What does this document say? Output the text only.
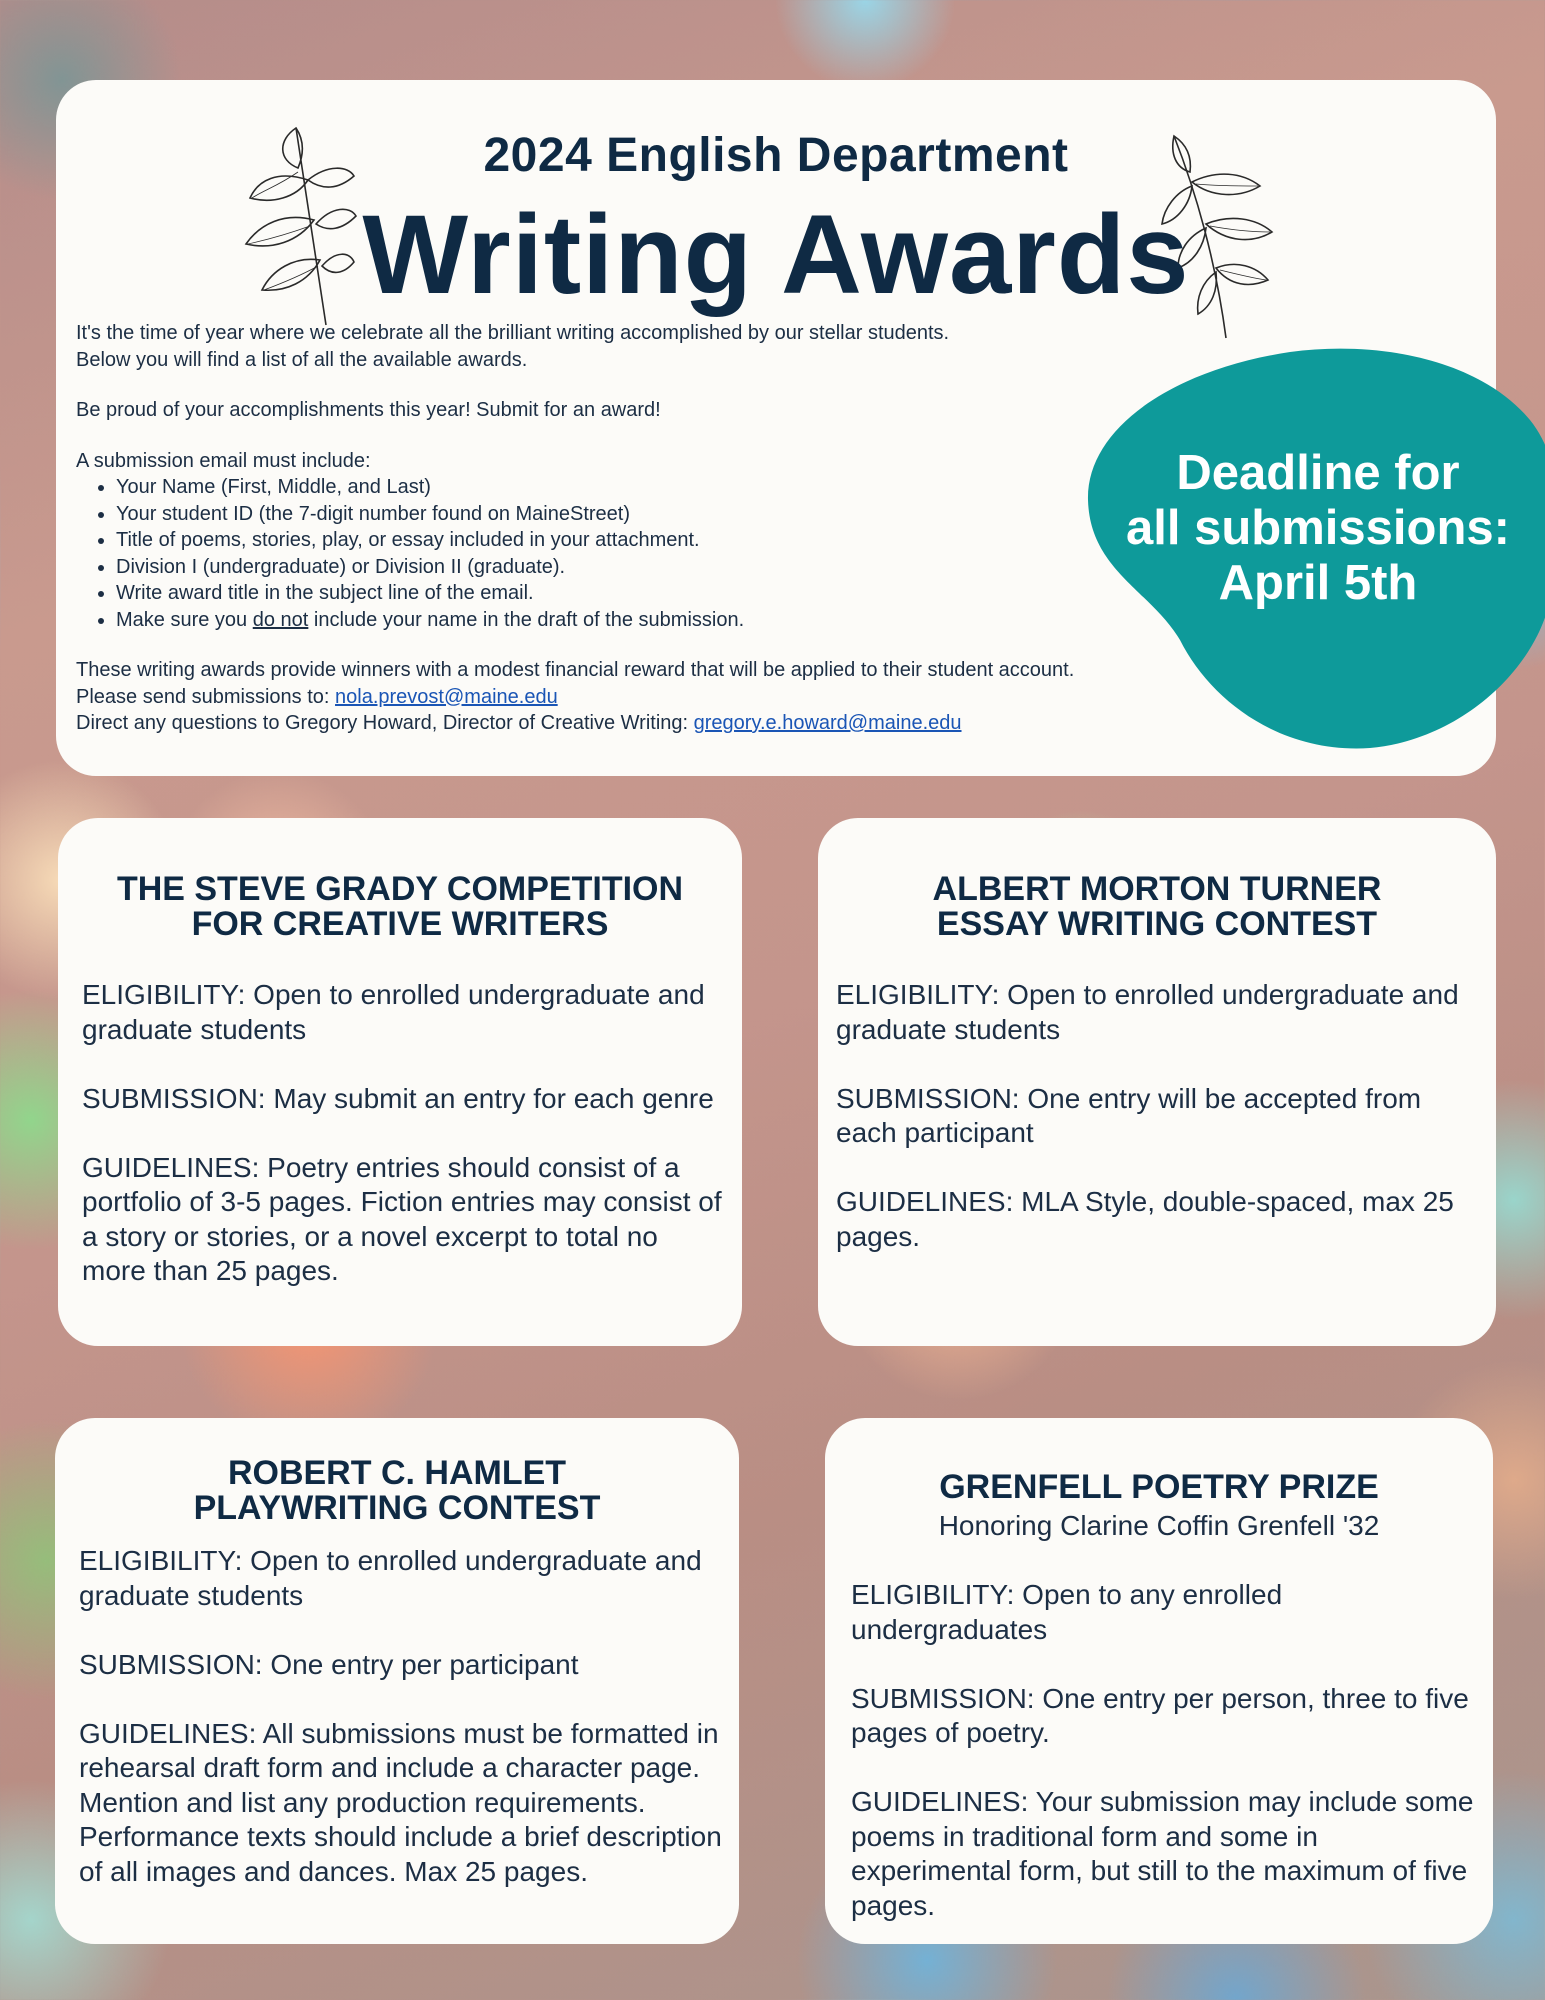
2024 English Department
Writing Awards

It's the time of year where we celebrate all the brilliant writing accomplished by our stellar students.

Below you will find a list of all the available awards.

Be proud of your accomplishments this year! Submit for an award!

A submission email must include:

• Your Name (First, Middle, and Last)
• Your student ID (the 7-digit number found on MaineStreet)
• Title of poems, stories, play, or essay included in your attachment.
• Division I (undergraduate) or Division II (graduate).
• Write award title in the subject line of the email.
• Make sure you do not include your name in the draft of the submission.

These writing awards provide winners with a modest financial reward that will be applied to their student account.

Please send submissions to: nola.prevost@maine.edu

Direct any questions to Gregory Howard, Director of Creative Writing: gregory.e.howard@maine.edu

Deadline for
all submissions:
April 5th
THE STEVE GRADY COMPETITION
FOR CREATIVE WRITERS

ELIGIBILITY: Open to enrolled undergraduate and graduate students

SUBMISSION: May submit an entry for each genre

GUIDELINES: Poetry entries should consist of a portfolio of 3-5 pages. Fiction entries may consist of a story or stories, or a novel excerpt to total no more than 25 pages.

ALBERT MORTON TURNER
ESSAY WRITING CONTEST

ELIGIBILITY: Open to enrolled undergraduate and graduate students

SUBMISSION: One entry will be accepted from each participant

GUIDELINES: MLA Style, double-spaced, max 25 pages.

ROBERT C. HAMLET
PLAYWRITING CONTEST

ELIGIBILITY: Open to enrolled undergraduate and graduate students

SUBMISSION: One entry per participant

GUIDELINES: All submissions must be formatted in rehearsal draft form and include a character page. Mention and list any production requirements. Performance texts should include a brief description of all images and dances. Max 25 pages.

GRENFELL POETRY PRIZE
Honoring Clarine Coffin Grenfell '32

ELIGIBILITY: Open to any enrolled undergraduates

SUBMISSION: One entry per person, three to five pages of poetry.

GUIDELINES: Your submission may include some poems in traditional form and some in experimental form, but still to the maximum of five pages.
